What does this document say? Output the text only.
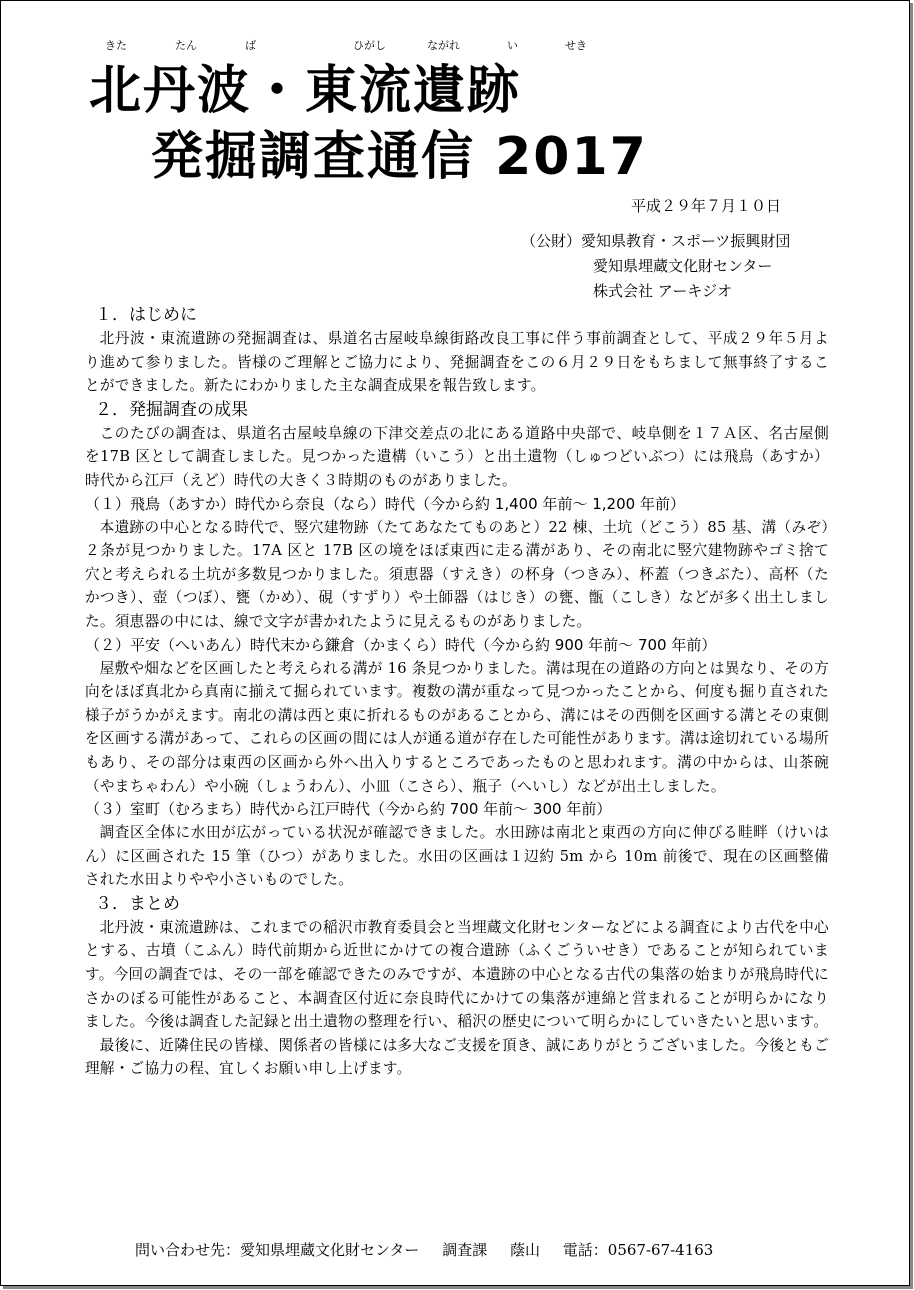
きた	たん	ば	ひがし	ながれ	い	せき
北丹波・東流遺跡
発掘調査通信 2017
平成２９年７月１０日
（公財）愛知県教育・スポーツ振興財団
愛知県埋蔵文化財センター
株式会社 アーキジオ
１．はじめに

北丹波・東流遺跡の発掘調査は、県道名古屋岐阜線街路改良工事に伴う事前調査として、平成２９年５月より進めて参りました。皆様のご理解とご協力により、発掘調査をこの６月２９日をもちまして無事終了することができました。新たにわかりました主な調査成果を報告致します。

２．発掘調査の成果

このたびの調査は、県道名古屋岐阜線の下津交差点の北にある道路中央部で、岐阜側を１７Ａ区、名古屋側を17B 区として調査しました。見つかった遺構（いこう）と出土遺物（しゅつどいぶつ）には飛鳥（あすか）時代から江戸（えど）時代の大きく３時期のものがありました。

（１）飛鳥（あすか）時代から奈良（なら）時代（今から約 1,400 年前～ 1,200 年前）

本遺跡の中心となる時代で、竪穴建物跡（たてあなたてものあと）22 棟、土坑（どこう）85 基、溝（みぞ）２条が見つかりました。17A 区と 17B 区の境をほぼ東西に走る溝があり、その南北に竪穴建物跡やゴミ捨て穴と考えられる土坑が多数見つかりました。須恵器（すえき）の杯身（つきみ）、杯蓋（つきぶた）、高杯（たかつき）、壺（つぼ）、甕（かめ）、硯（すずり）や土師器（はじき）の甕、甑（こしき）などが多く出土しました。須恵器の中には、線で文字が書かれたように見えるものがありました。

（２）平安（へいあん）時代末から鎌倉（かまくら）時代（今から約 900 年前～ 700 年前）

屋敷や畑などを区画したと考えられる溝が 16 条見つかりました。溝は現在の道路の方向とは異なり、その方向をほぼ真北から真南に揃えて掘られています。複数の溝が重なって見つかったことから、何度も掘り直された様子がうかがえます。南北の溝は西と東に折れるものがあることから、溝にはその西側を区画する溝とその東側を区画する溝があって、これらの区画の間には人が通る道が存在した可能性があります。溝は途切れている場所もあり、その部分は東西の区画から外へ出入りするところであったものと思われます。溝の中からは、山茶碗（やまちゃわん）や小碗（しょうわん）、小皿（こさら）、瓶子（へいし）などが出土しました。

（３）室町（むろまち）時代から江戸時代（今から約 700 年前～ 300 年前）

調査区全体に水田が広がっている状況が確認できました。水田跡は南北と東西の方向に伸びる畦畔（けいはん）に区画された 15 筆（ひつ）がありました。水田の区画は１辺約 5m から 10m 前後で、現在の区画整備された水田よりやや小さいものでした。

３．まとめ

北丹波・東流遺跡は、これまでの稲沢市教育委員会と当埋蔵文化財センターなどによる調査により古代を中心とする、古墳（こふん）時代前期から近世にかけての複合遺跡（ふくごういせき）であることが知られています。今回の調査では、その一部を確認できたのみですが、本遺跡の中心となる古代の集落の始まりが飛鳥時代にさかのぼる可能性があること、本調査区付近に奈良時代にかけての集落が連綿と営まれることが明らかになりました。今後は調査した記録と出土遺物の整理を行い、稲沢の歴史について明らかにしていきたいと思います。

最後に、近隣住民の皆様、関係者の皆様には多大なご支援を頂き、誠にありがとうございました。今後ともご理解・ご協力の程、宜しくお願い申し上げます。

問い合わせ先：愛知県埋蔵文化財センター 調査課 蔭山 電話：0567-67-4163
